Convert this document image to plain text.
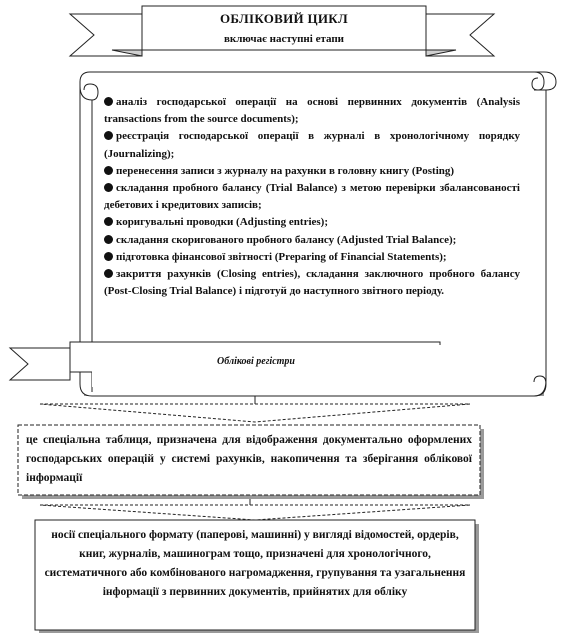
ОБЛІКОВИЙ ЦИКЛ
включає наступні етапи

аналіз господарської операції на основі первинних документів (Analysis transactions from the source documents);

реєстрація господарської операції в журналі в хронологічному порядку (Journalizing);

перенесення записи з журналу на рахунки в головну книгу (Posting)

складання пробного балансу (Trial Balance) з метою перевірки збалансованості дебетових і кредитових записів;

коригувальні проводки (Adjusting entries);

складання скоригованого пробного балансу (Adjusted Trial Balance);

підготовка фінансової звітності (Preparing of Financial Statements);

закриття рахунків (Closing entries), складання заключного пробного балансу (Post-Closing Trial Balance) і підготуй до наступного звітного періоду.

Облікові регістри

це спеціальна таблиця, призначена для відображення документально оформлених господарських операцій у системі рахунків, накопичення та зберігання облікової інформації

носії спеціального формату (паперові, машинні) у вигляді відомостей, ордерів, книг, журналів, машинограм тощо, призначені для хронологічного, систематичного або комбінованого нагромадження, групування та узагальнення інформації з первинних документів, прийнятих для обліку
